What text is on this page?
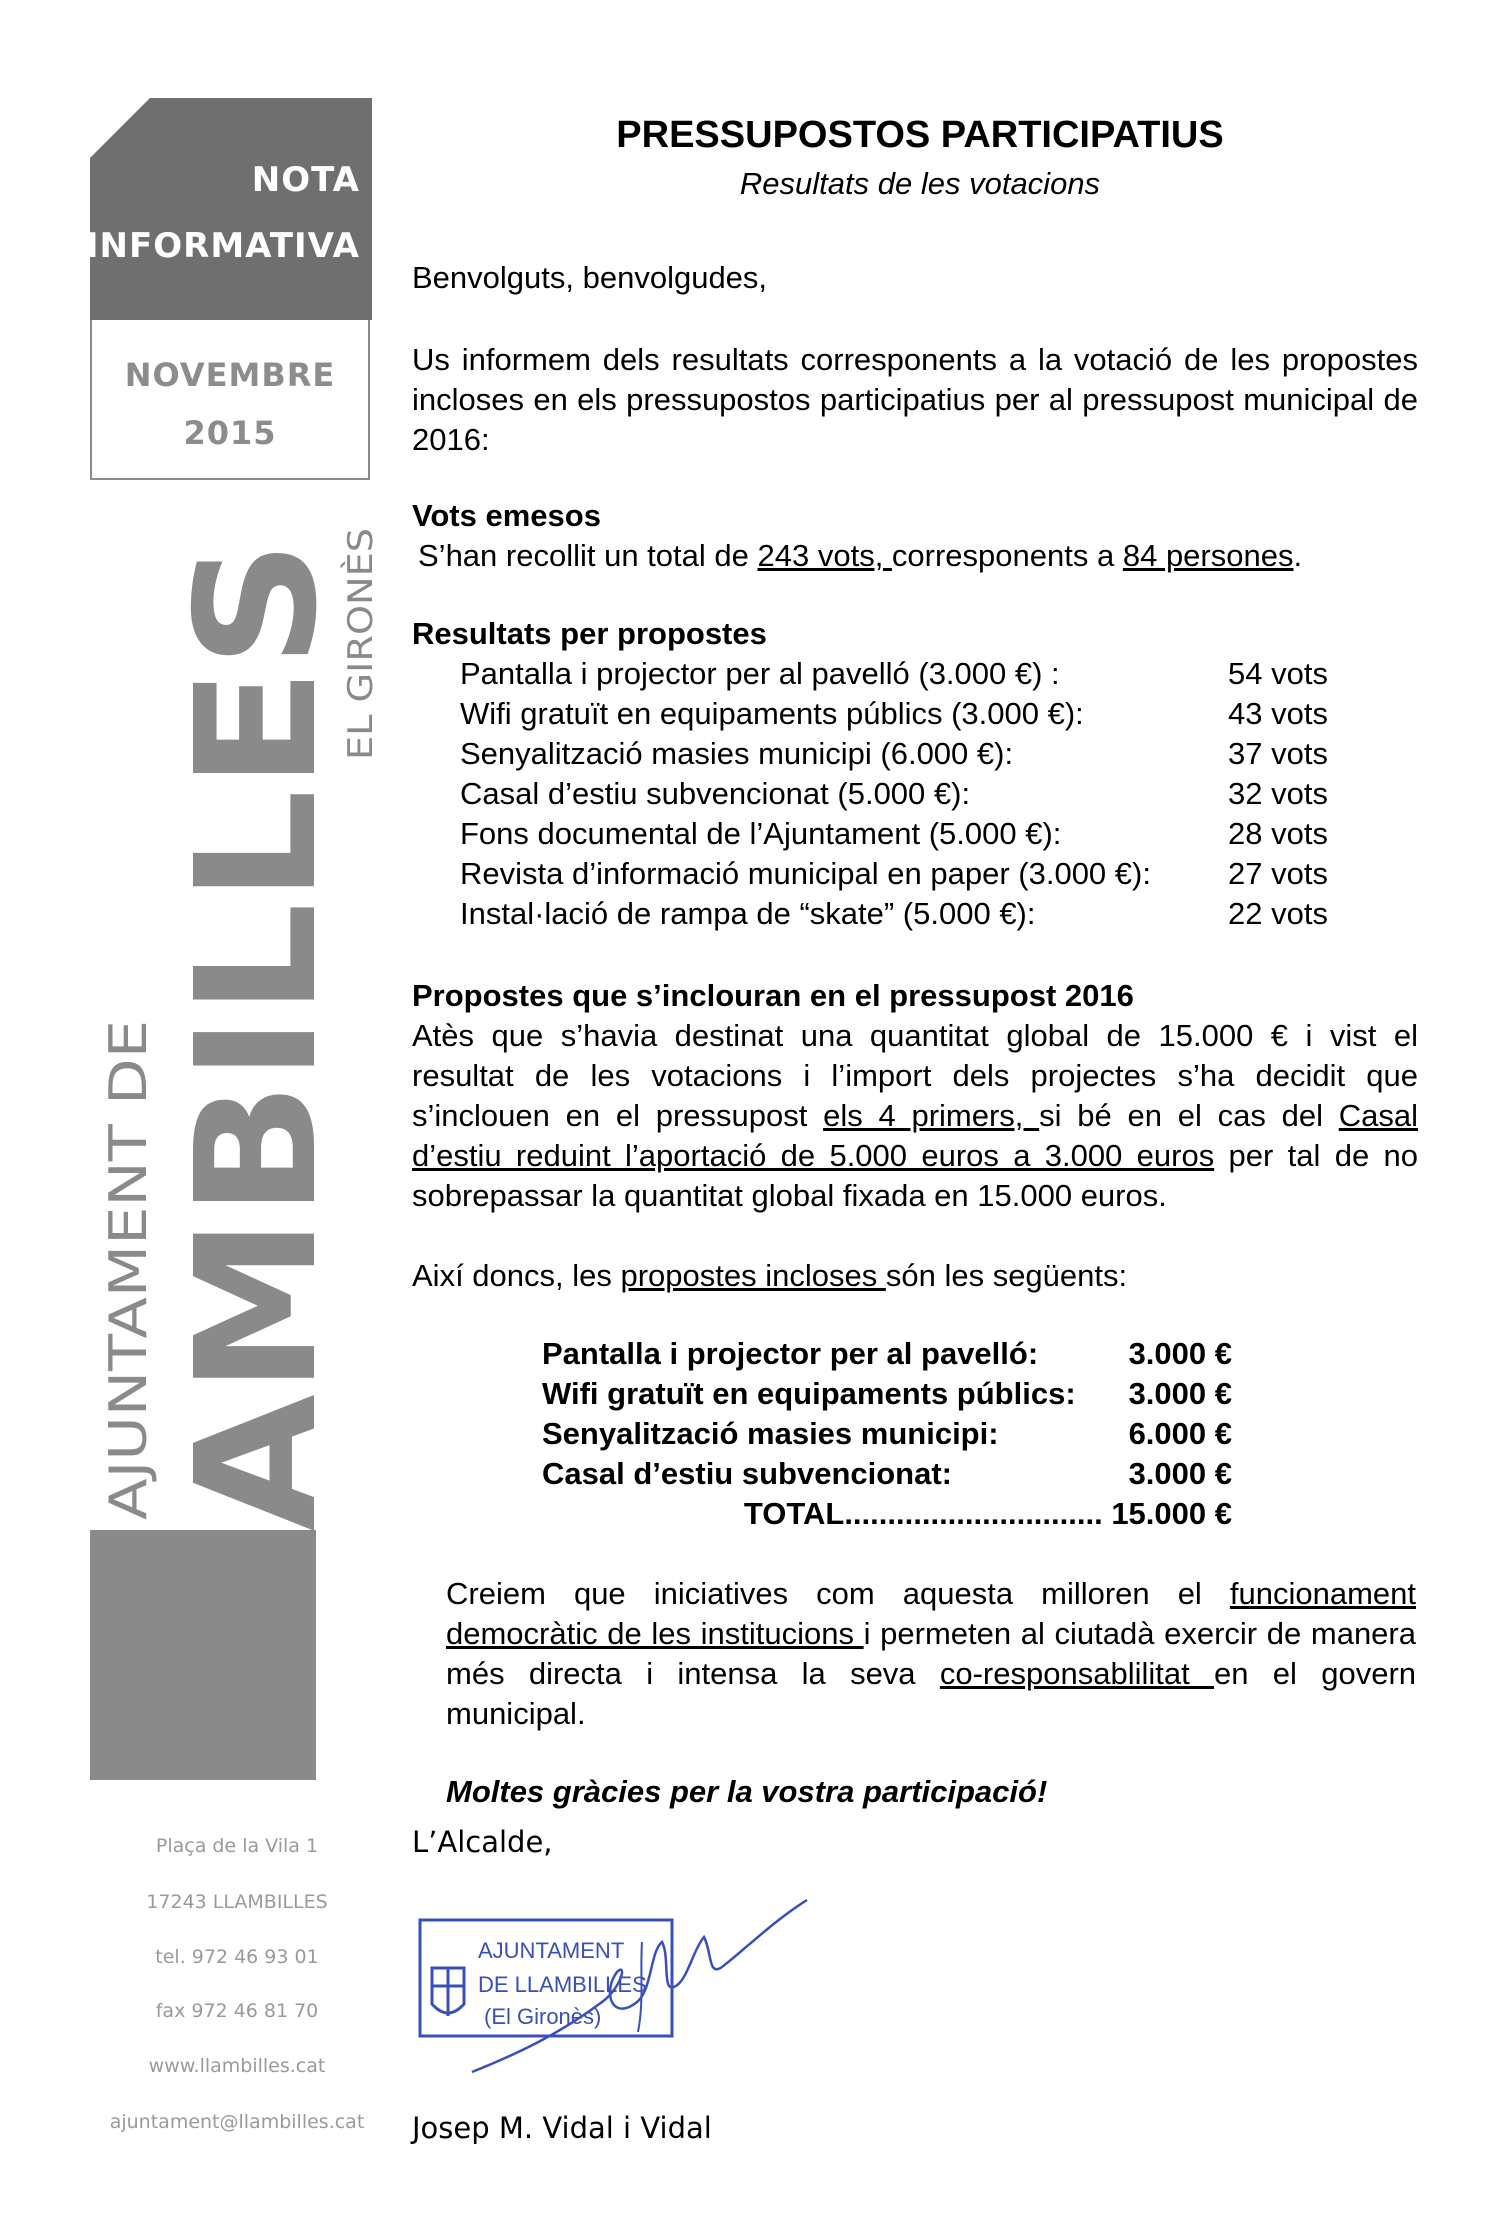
NOTA
INFORMATIVA
NOVEMBRE
2015
LLAMBILLES
AJUNTAMENT DE
EL GIRONÈS
Plaça de la Vila 1
17243 LLAMBILLES
tel. 972 46 93 01
fax 972 46 81 70
www.llambilles.cat
ajuntament@llambilles.cat
PRESSUPOSTOS PARTICIPATIUS
Resultats de les votacions
Benvolguts, benvolgudes,
Us informem dels resultats corresponents a la votació de les propostes incloses en els pressupostos participatius per al pressupost municipal de 2016:
Vots emesos
S’han recollit un total de 243 vots, corresponents a 84 persones.
Resultats per propostes
Pantalla i projector per al pavelló (3.000 €) :	54 vots
Wifi gratuït en equipaments públics (3.000 €):	43 vots
Senyalització masies municipi (6.000 €):	37 vots
Casal d’estiu subvencionat (5.000 €):	32 vots
Fons documental de l’Ajuntament (5.000 €):	28 vots
Revista d’informació municipal en paper (3.000 €): 27 vots
Instal·lació de rampa de “skate” (5.000 €):	22 vots
Propostes que s’inclouran en el pressupost 2016
Atès que s’havia destinat una quantitat global de 15.000 € i vist el resultat de les votacions i l’import dels projectes s’ha decidit que s’inclouen en el pressupost els 4 primers, si bé en el cas del Casal d’estiu reduint l’aportació de 5.000 euros a 3.000 euros per tal de no sobrepassar la quantitat global fixada en 15.000 euros.
Així doncs, les propostes incloses són les següents:
Pantalla i projector per al pavelló:	3.000 €
Wifi gratuït en equipaments públics: 3.000 €
Senyalització masies municipi:	6.000 €
Casal d’estiu subvencionat:	3.000 €
TOTAL.............................. 15.000 €
Creiem que iniciatives com aquesta milloren el funcionament democràtic de les institucions i permeten al ciutadà exercir de manera més directa i intensa la seva co-responsablilitat en el govern municipal.
Moltes gràcies per la vostra participació!
L’Alcalde,
AJUNTAMENT
DE LLAMBILLES
(El Gironès)
Josep M. Vidal i Vidal
